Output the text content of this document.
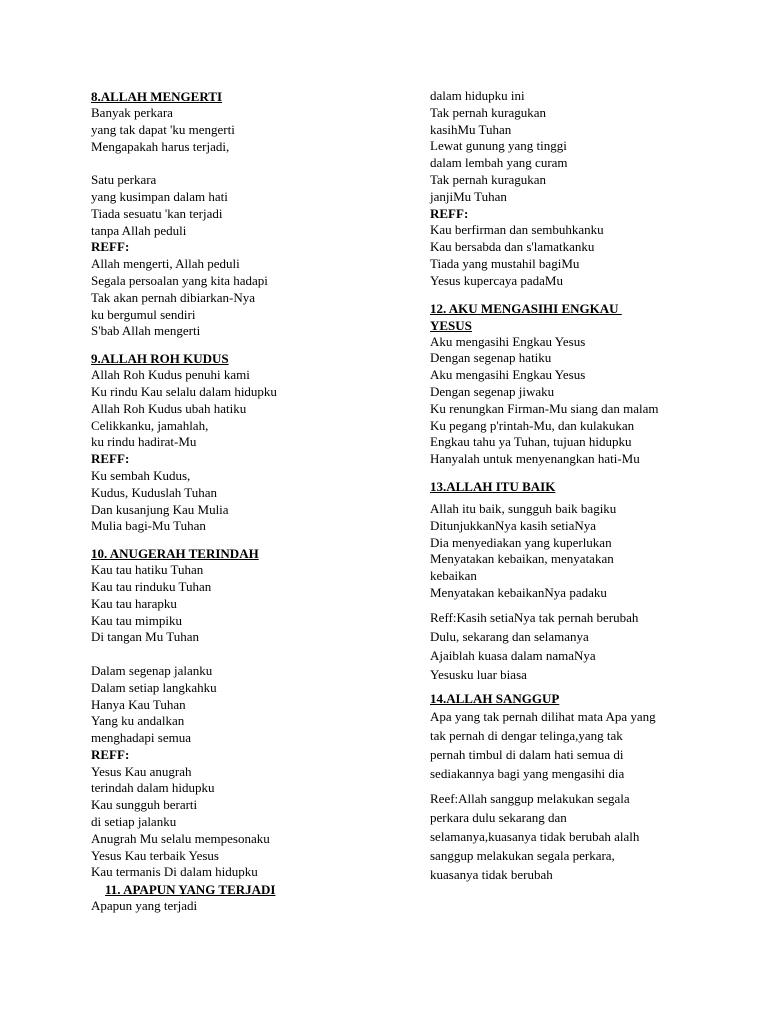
8.ALLAH MENGERTI
Banyak perkara
yang tak dapat 'ku mengerti
Mengapakah harus terjadi,
Satu perkara
yang kusimpan dalam hati
Tiada sesuatu 'kan terjadi
tanpa Allah peduli
REFF:
Allah mengerti, Allah peduli
Segala persoalan yang kita hadapi
Tak akan pernah dibiarkan-Nya
ku bergumul sendiri
S'bab Allah mengerti
9.ALLAH ROH KUDUS
Allah Roh Kudus penuhi kami
Ku rindu Kau selalu dalam hidupku
Allah Roh Kudus ubah hatiku
Celikkanku, jamahlah,
ku rindu hadirat-Mu
REFF:
Ku sembah Kudus,
Kudus, Kuduslah Tuhan
Dan kusanjung Kau Mulia
Mulia bagi-Mu Tuhan
10. ANUGERAH TERINDAH
Kau tau hatiku Tuhan
Kau tau rinduku Tuhan
Kau tau harapku
Kau tau mimpiku
Di tangan Mu Tuhan
Dalam segenap jalanku
Dalam setiap langkahku
Hanya Kau Tuhan
Yang ku andalkan
menghadapi semua
REFF:
Yesus Kau anugrah
terindah dalam hidupku
Kau sungguh berarti
di setiap jalanku
Anugrah Mu selalu mempesonaku
Yesus Kau terbaik Yesus
Kau termanis Di dalam hidupku
11. APAPUN YANG TERJADI
Apapun yang terjadi
dalam hidupku ini
Tak pernah kuragukan
kasihMu Tuhan
Lewat gunung yang tinggi
dalam lembah yang curam
Tak pernah kuragukan
janjiMu Tuhan
REFF:
Kau berfirman dan sembuhkanku
Kau bersabda dan s'lamatkanku
Tiada yang mustahil bagiMu
Yesus kupercaya padaMu
12. AKU MENGASIHI ENGKAU
YESUS
Aku mengasihi Engkau Yesus
Dengan segenap hatiku
Aku mengasihi Engkau Yesus
Dengan segenap jiwaku
Ku renungkan Firman-Mu siang dan malam
Ku pegang p'rintah-Mu, dan kulakukan
Engkau tahu ya Tuhan, tujuan hidupku
Hanyalah untuk menyenangkan hati-Mu
13.ALLAH ITU BAIK
Allah itu baik, sungguh baik bagiku
DitunjukkanNya kasih setiaNya
Dia menyediakan yang kuperlukan
Menyatakan kebaikan, menyatakan
kebaikan
Menyatakan kebaikanNya padaku
Reff:Kasih setiaNya tak pernah berubah
Dulu, sekarang dan selamanya
Ajaiblah kuasa dalam namaNya
Yesusku luar biasa
14.ALLAH SANGGUP
Apa yang tak pernah dilihat mata Apa yang
tak pernah di dengar telinga,yang tak
pernah timbul di dalam hati semua di
sediakannya bagi yang mengasihi dia
Reef:Allah sanggup melakukan segala
perkara dulu sekarang dan
selamanya,kuasanya tidak berubah alalh
sanggup melakukan segala perkara,
kuasanya tidak berubah
